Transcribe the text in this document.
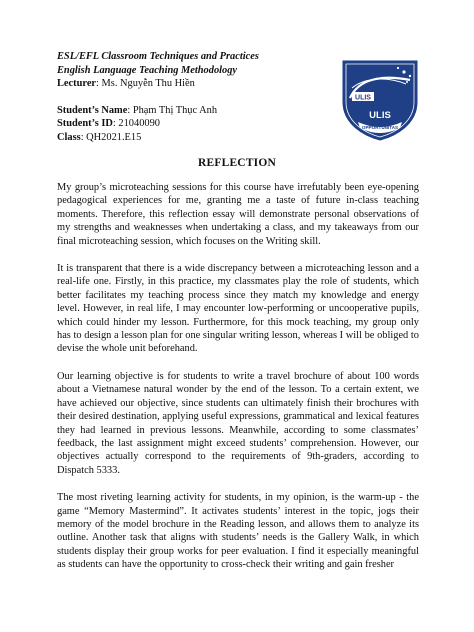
ESL/EFL Classroom Techniques and Practices
English Language Teaching Methodology
Lecturer: Ms. Nguyễn Thu Hiền
Student’s Name: Phạm Thị Thục Anh
Student’s ID: 21040090
Class: QH2021.E15
ULIS
ULIS
OPPORTUNITAS
REFLECTION

My group’s microteaching sessions for this course have irrefutably been eye-opening pedagogical experiences for me, granting me a taste of future in-class teaching moments. Therefore, this reflection essay will demonstrate personal observations of my strengths and weaknesses when undertaking a class, and my takeaways from our final microteaching session, which focuses on the Writing skill.

It is transparent that there is a wide discrepancy between a microteaching lesson and a real-life one. Firstly, in this practice, my classmates play the role of students, which better facilitates my teaching process since they match my knowledge and energy level. However, in real life, I may encounter low-performing or uncooperative pupils, which could hinder my lesson. Furthermore, for this mock teaching, my group only has to design a lesson plan for one singular writing lesson, whereas I will be obliged to devise the whole unit beforehand.

Our learning objective is for students to write a travel brochure of about 100 words about a Vietnamese natural wonder by the end of the lesson. To a certain extent, we have achieved our objective, since students can ultimately finish their brochures with their desired destination, applying useful expressions, grammatical and lexical features they had learned in previous lessons. Meanwhile, according to some classmates’ feedback, the last assignment might exceed students’ comprehension. However, our objectives actually correspond to the requirements of 9th-graders, according to Dispatch 5333.

The most riveting learning activity for students, in my opinion, is the warm-up - the game “Memory Mastermind”. It activates students’ interest in the topic, jogs their memory of the model brochure in the Reading lesson, and allows them to analyze its outline. Another task that aligns with students’ needs is the Gallery Walk, in which students display their group works for peer evaluation. I find it especially meaningful as students can have the opportunity to cross-check their writing and gain fresher
